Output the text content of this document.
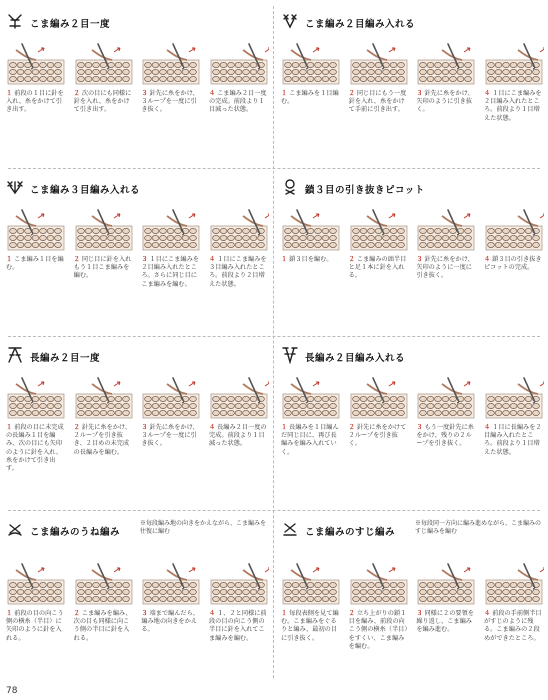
こま編み２目一度
１ 前段の１目に針を入れ、糸をかけて引き出す。
２ 次の目にも同様に針を入れ、糸をかけて引き出す。
３ 針先に糸をかけ、３ループを一度に引き抜く。
４ こま編み２目一度の完成。前段より１目減った状態。
こま編み２目編み入れる
１ こま編みを１目編む。
２ 同じ目にもう一度針を入れ、糸をかけて手前に引き出す。
３ 針先に糸をかけ、矢印のように引き抜く。
４ １目にこま編みを２目編み入れたところ。前段より１目増えた状態。
こま編み３目編み入れる
１ こま編み１目を編む。
２ 同じ目に針を入れもう１目こま編みを編む。
３ １目にこま編みを２目編み入れたところ。さらに同じ目にこま編みを編む。
４ １目にこま編みを３目編み入れたところ。前段より２目増えた状態。
鎖３目の引き抜きピコット
１ 鎖３目を編む。	２ こま編みの頭半目と足１本に針を入れる。
３ 針先に糸をかけ、矢印のように一度に引き抜く。
４ 鎖３目の引き抜きピコットの完成。
長編み２目一度
１ 前段の目に未完成の長編み１目を編み、次の目にも矢印のように針を入れ、糸をかけて引き出す。
２ 針先に糸をかけ、２ループを引き抜き、２目めの未完成の長編みを編む。
３ 針先に糸をかけ、３ループを一度に引き抜く。
４ 長編み２目一度の完成。前段より１目減った状態。
長編み２目編み入れる
１ 長編みを１目編んだ同じ目に、再び長編みを編み入れていく。
２ 針先に糸をかけて２ループを引き抜く。
３ もう一度針先に糸をかけ、残りの２ループを引き抜く。
４ １目に長編みを２目編み入れたところ。前段より１目増えた状態。
こま編みのうね編み
※毎段編み地の向きをかえながら、こま編みを往復に編む
１ 前段の目の向こう側の横糸（半目）に矢印のように針を入れる。
２ こま編みを編み、次の目も同様に向こう側の半目に針を入れる。
３ 端まで編んだら、編み地の向きをかえる。
４ １、２と同様に前段の目の向こう側の半目に針を入れてこま編みを編む。
こま編みのすじ編み
※毎段同一方向に編み進めながら、こま編みのすじ編みを編む
１ 毎段表側を見て編む。こま編みをぐるりと編み、最初の目に引き抜く。
２ 立ち上がりの鎖１目を編み、前段の向こう側の横糸（半目）をすくい、こま編みを編む。
３ 同様に２の要領を繰り返し、こま編みを編み進む。
４ 前段の手前側半目がすじのように残る。こま編みの２段めができたところ。
78
